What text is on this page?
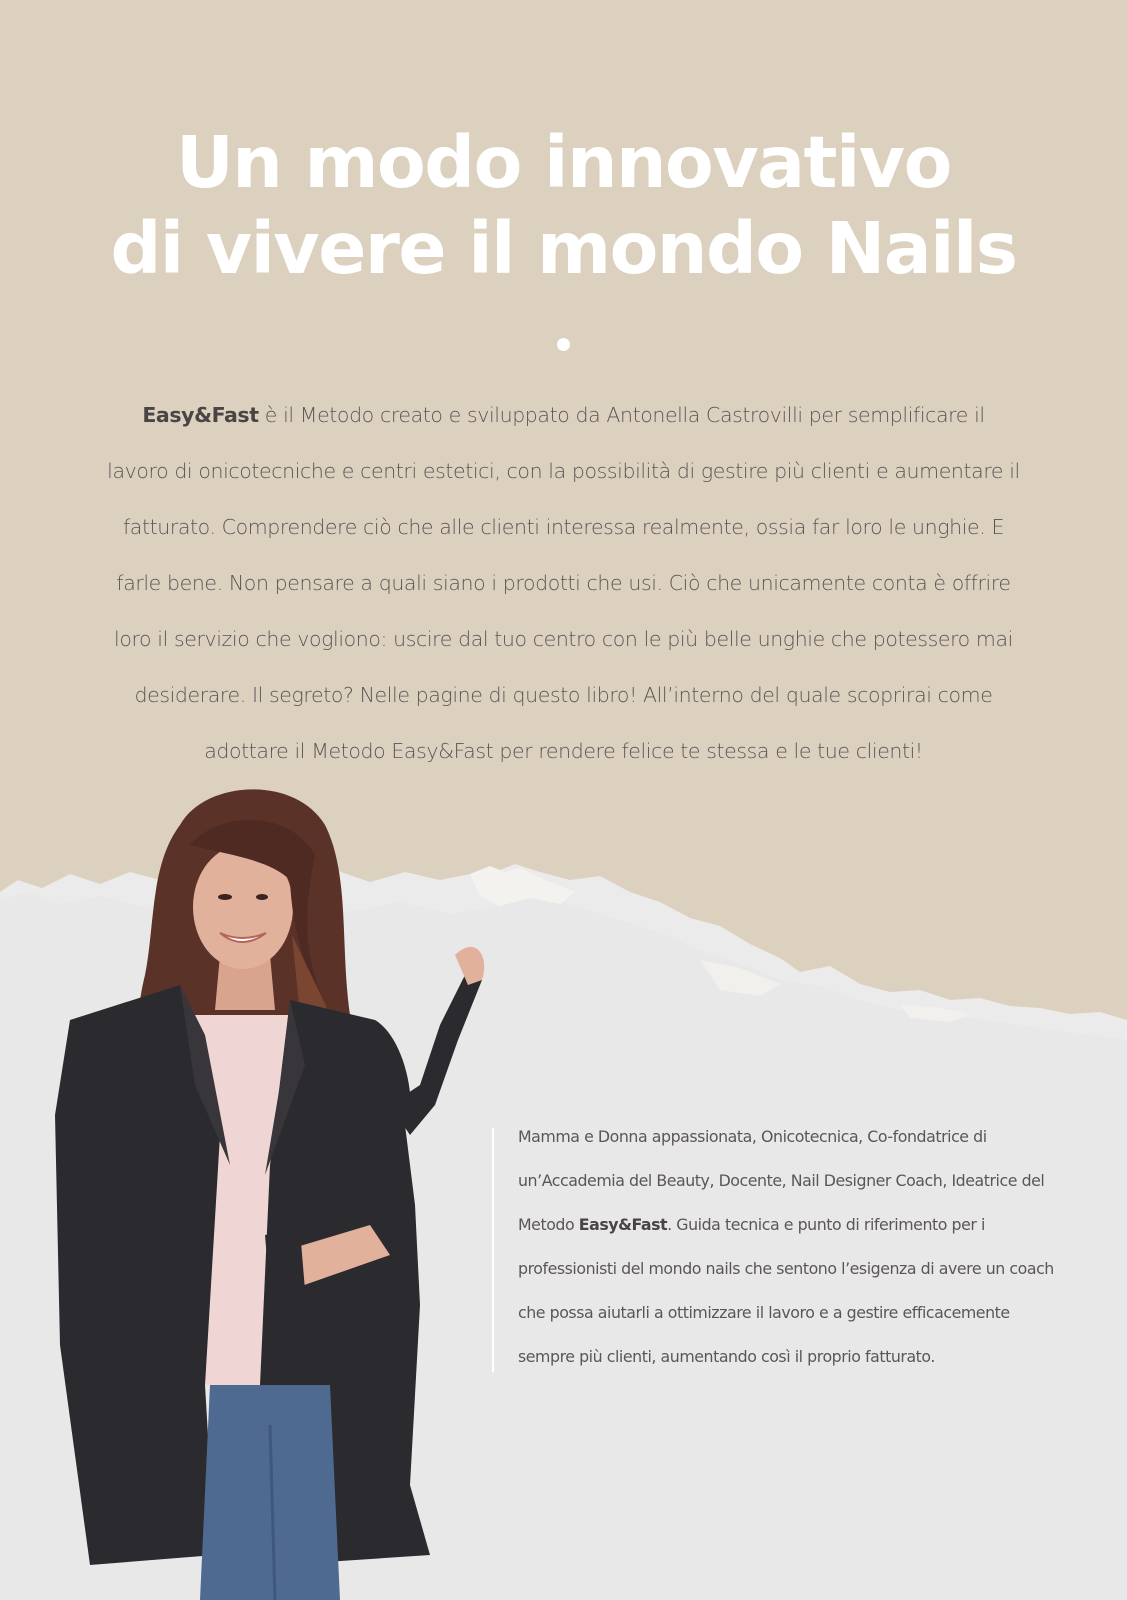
Un modo innovativo
di vivere il mondo Nails
Easy&Fast è il Metodo creato e sviluppato da Antonella Castrovilli per semplificare il
lavoro di onicotecniche e centri estetici, con la possibilità di gestire più clienti e aumentare il
fatturato. Comprendere ciò che alle clienti interessa realmente, ossia far loro le unghie. E
farle bene. Non pensare a quali siano i prodotti che usi. Ciò che unicamente conta è offrire
loro il servizio che vogliono: uscire dal tuo centro con le più belle unghie che potessero mai
desiderare. Il segreto? Nelle pagine di questo libro! All’interno del quale scoprirai come
adottare il Metodo Easy&Fast per rendere felice te stessa e le tue clienti!
Mamma e Donna appassionata, Onicotecnica, Co-fondatrice di
un’Accademia del Beauty, Docente, Nail Designer Coach, Ideatrice del
Metodo Easy&Fast. Guida tecnica e punto di riferimento per i
professionisti del mondo nails che sentono l’esigenza di avere un coach
che possa aiutarli a ottimizzare il lavoro e a gestire efficacemente
sempre più clienti, aumentando così il proprio fatturato.
